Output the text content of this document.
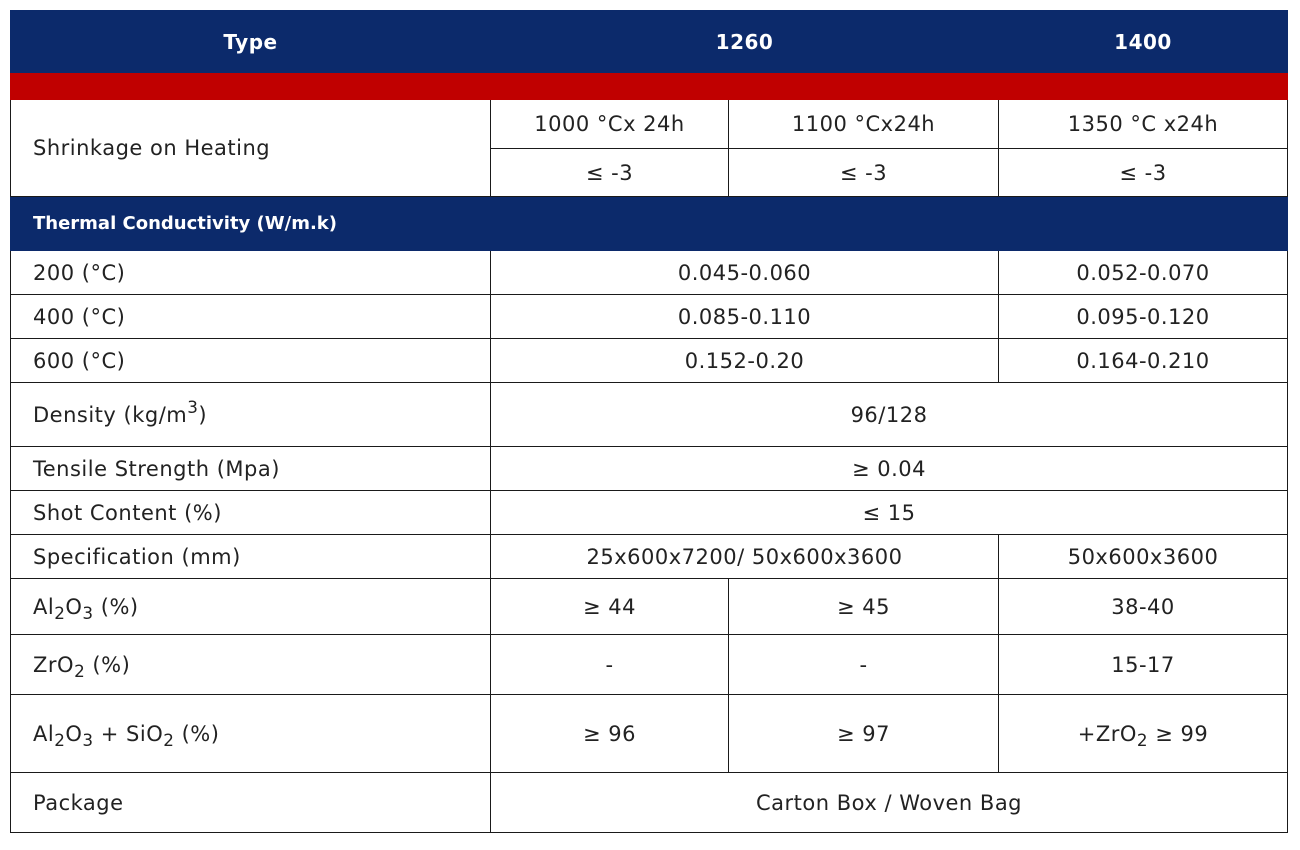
Type	1260		1400

Shrinkage on Heating	1000 °Cx 24h	1100 °Cx24h	1350 °C x24h
	≤ -3	≤ -3	≤ -3
Thermal Conductivity (W/m.k)			
200 (°C)	0.045-0.060		0.052-0.070
400 (°C)	0.085-0.110		0.095-0.120
600 (°C)	0.152-0.20		0.164-0.210
Density $(kg/m^3)$	96/128		
Tensile Strength (Mpa)	≥ 0.04		
Shot Content (%)	≤ 15		
Specification (mm)	25x600x7200/ 50x600x3600		50x600x3600
$Al_2O_3$ (%)	≥ 44	≥ 45	38-40
ZrO$_2$ (%)	-	-	15-17
$Al_2O_3 + SiO_2$ (%)	≥ 96	≥ 97	+ZrO$_2$ ≥ 99
Package	Carton Box / Woven Bag		
